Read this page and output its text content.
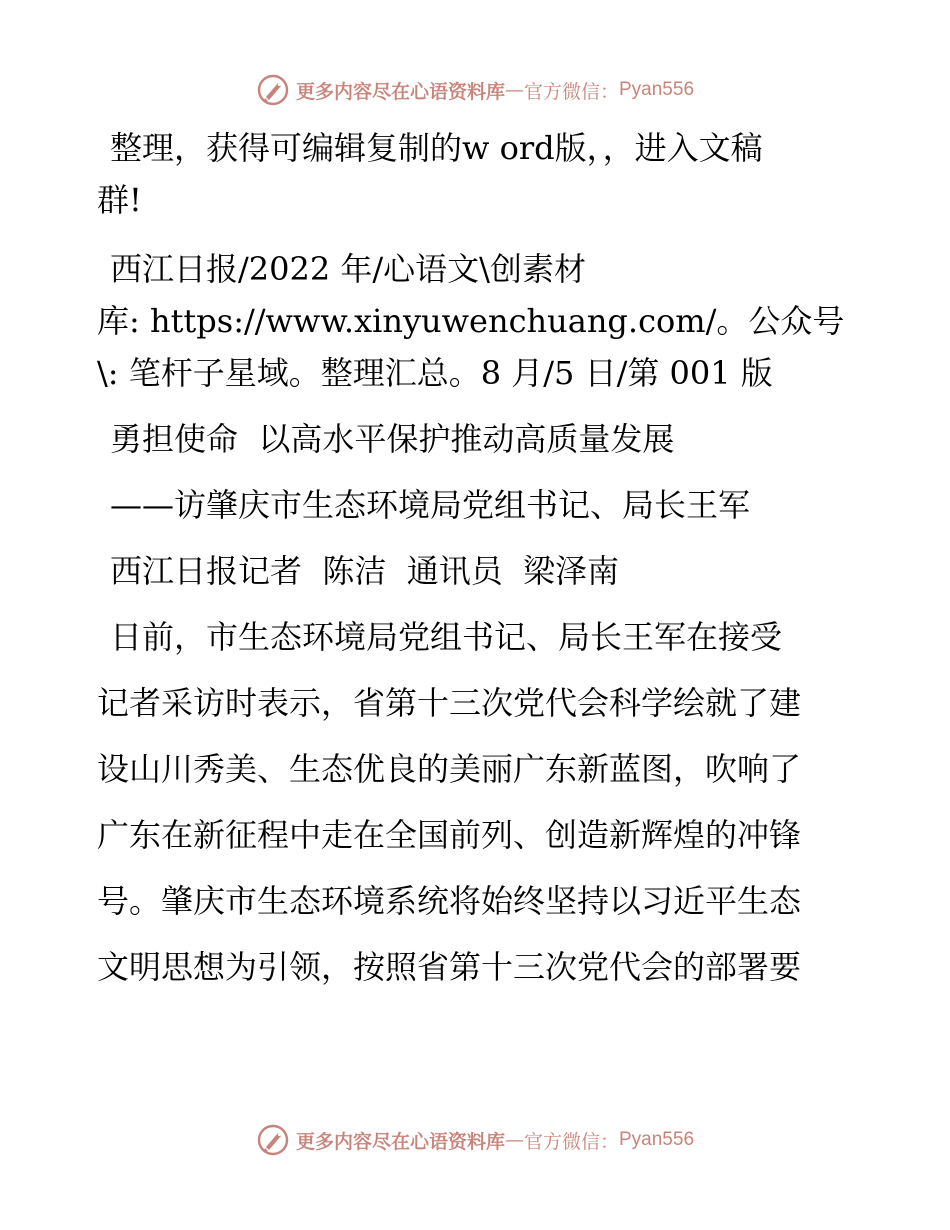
更多内容尽在心语资料库 — 官方微信： Pyan556
整理，获得可编辑复制的w ord版，，进入文稿
群!
西江日报/2022 年/心语文\创素材
库: https://www.xinyuwenchuang.com/。公众号
\: 笔杆子星域。整理汇总。8 月/5 日/第 001 版
勇担使命  以高水平保护推动高质量发展
——访肇庆市生态环境局党组书记、局长王军
西江日报记者  陈洁  通讯员  梁泽南
日前，市生态环境局党组书记、局长王军在接受
记者采访时表示，省第十三次党代会科学绘就了建
设山川秀美、生态优良的美丽广东新蓝图，吹响了
广东在新征程中走在全国前列、创造新辉煌的冲锋
号。肇庆市生态环境系统将始终坚持以习近平生态
文明思想为引领，按照省第十三次党代会的部署要
更多内容尽在心语资料库 — 官方微信： Pyan556
